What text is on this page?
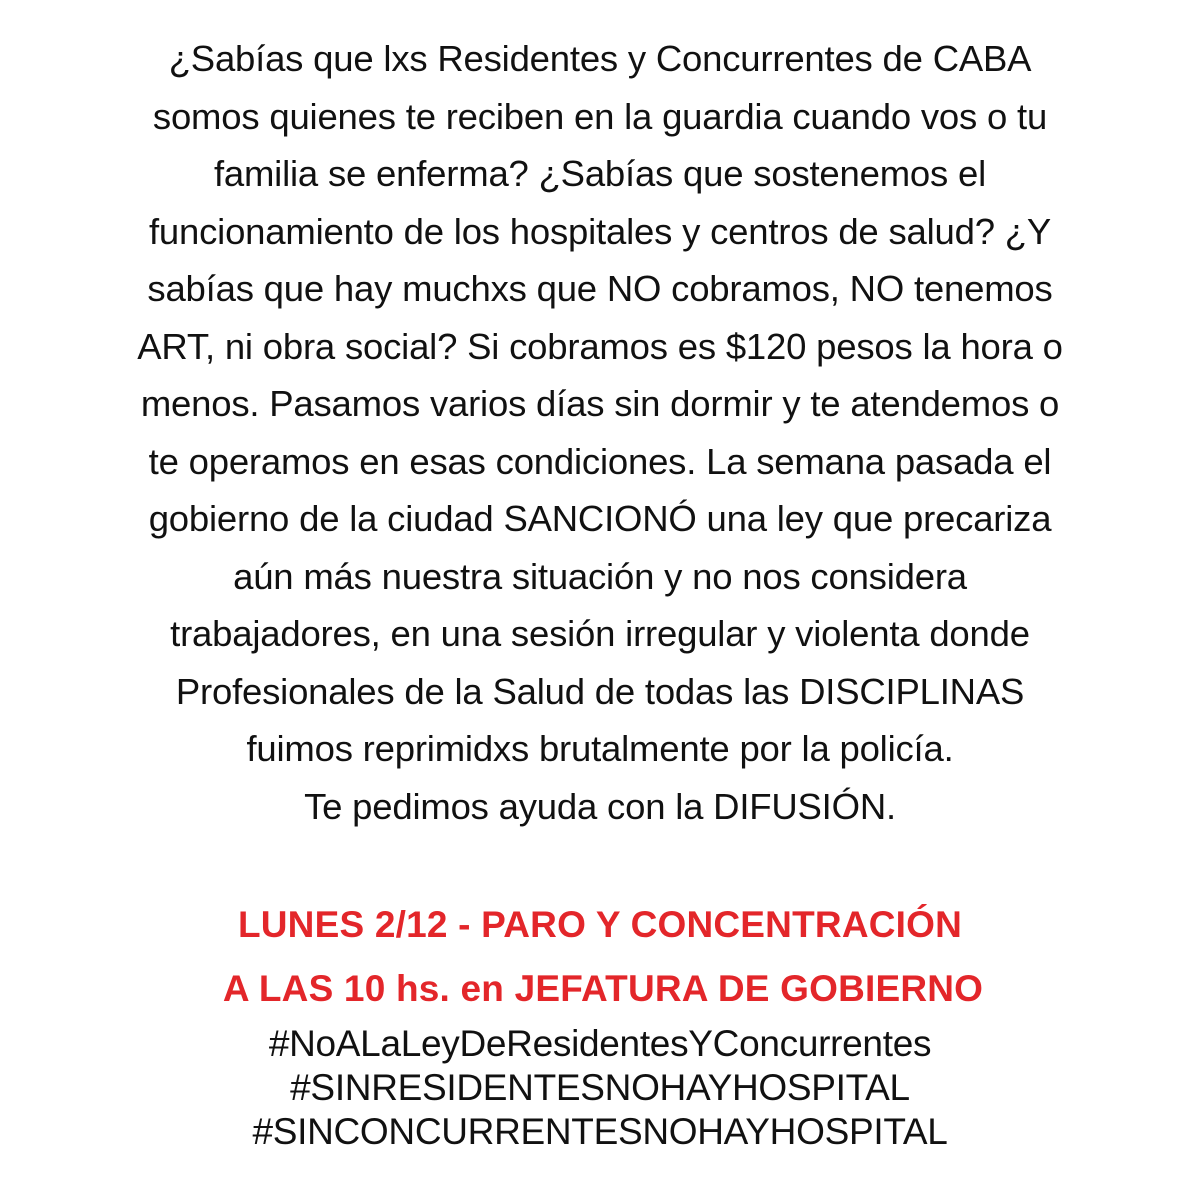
¿Sabías que lxs Residentes y Concurrentes de CABA
somos quienes te reciben en la guardia cuando vos o tu
familia se enferma? ¿Sabías que sostenemos el
funcionamiento de los hospitales y centros de salud? ¿Y
sabías que hay muchxs que NO cobramos, NO tenemos
ART, ni obra social? Si cobramos es $120 pesos la hora o
menos. Pasamos varios días sin dormir y te atendemos o
te operamos en esas condiciones. La semana pasada el
gobierno de la ciudad SANCIONÓ una ley que precariza
aún más nuestra situación y no nos considera
trabajadores, en una sesión irregular y violenta donde
Profesionales de la Salud de todas las DISCIPLINAS
fuimos reprimidxs brutalmente por la policía.
Te pedimos ayuda con la DIFUSIÓN.
LUNES 2/12 - PARO Y CONCENTRACIÓN
A LAS 10 hs. en JEFATURA DE GOBIERNO
#NoALaLeyDeResidentesYConcurrentes
#SINRESIDENTESNOHAYHOSPITAL
#SINCONCURRENTESNOHAYHOSPITAL
